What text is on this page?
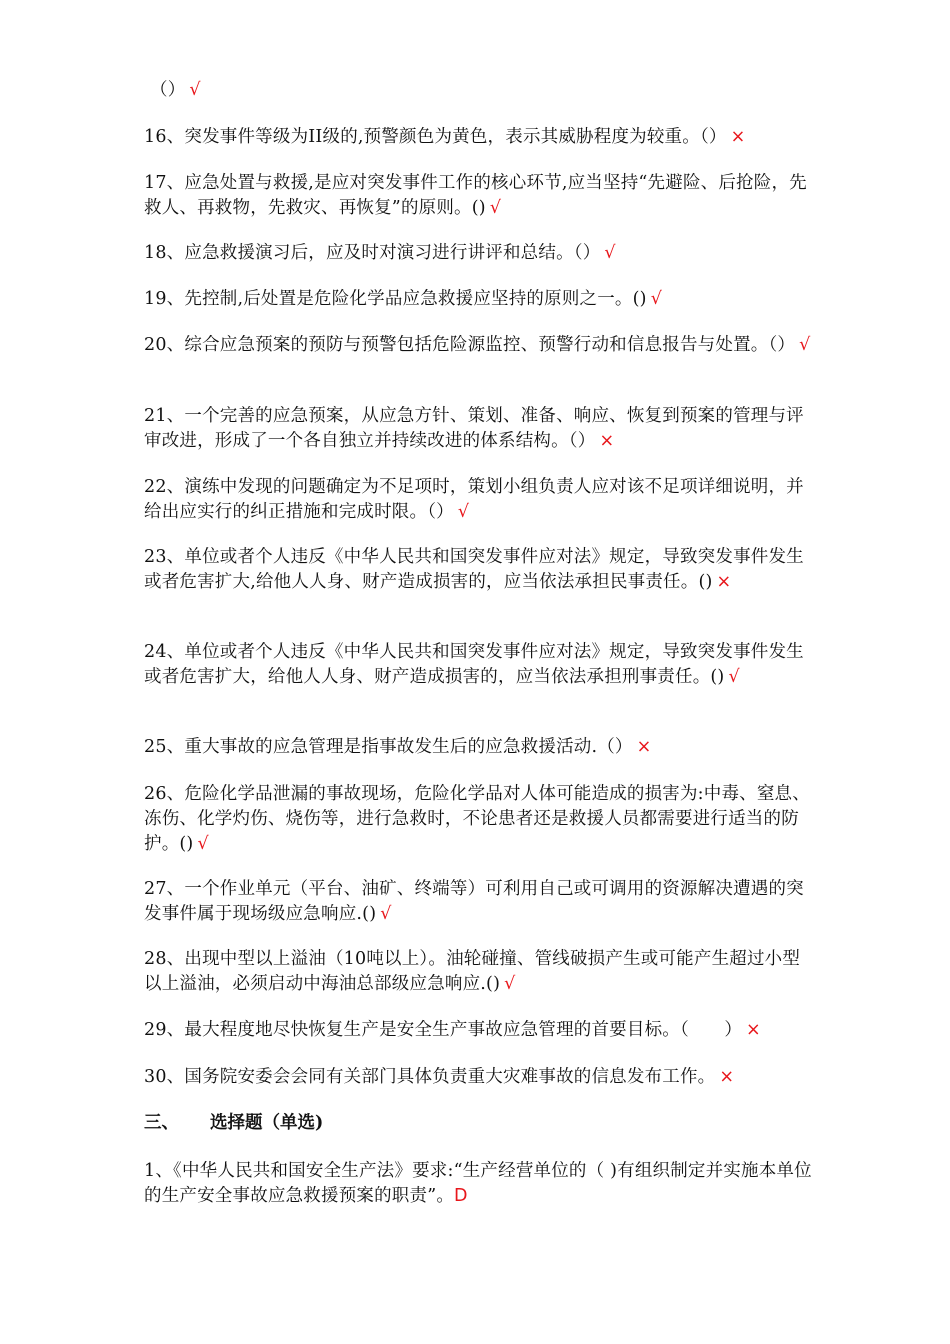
（） √

16、突发事件等级为II级的,预警颜色为黄色，表示其威胁程度为较重。（） ×

17、应急处置与救援,是应对突发事件工作的核心环节,应当坚持“先避险、后抢险，先救人、再救物，先救灾、再恢复”的原则。() √

18、应急救援演习后，应及时对演习进行讲评和总结。（） √

19、先控制,后处置是危险化学品应急救援应坚持的原则之一。() √

20、综合应急预案的预防与预警包括危险源监控、预警行动和信息报告与处置。（） √

21、一个完善的应急预案，从应急方针、策划、准备、响应、恢复到预案的管理与评审改进，形成了一个各自独立并持续改进的体系结构。（） ×

22、演练中发现的问题确定为不足项时，策划小组负责人应对该不足项详细说明，并给出应实行的纠正措施和完成时限。（） √

23、单位或者个人违反《中华人民共和国突发事件应对法》规定，导致突发事件发生或者危害扩大,给他人人身、财产造成损害的，应当依法承担民事责任。() ×

24、单位或者个人违反《中华人民共和国突发事件应对法》规定，导致突发事件发生或者危害扩大，给他人人身、财产造成损害的，应当依法承担刑事责任。() √

25、重大事故的应急管理是指事故发生后的应急救援活动.（） ×

26、危险化学品泄漏的事故现场，危险化学品对人体可能造成的损害为:中毒、窒息、冻伤、化学灼伤、烧伤等，进行急救时，不论患者还是救援人员都需要进行适当的防护。() √

27、一个作业单元（平台、油矿、终端等）可利用自己或可调用的资源解决遭遇的突发事件属于现场级应急响应.() √

28、出现中型以上溢油（10吨以上）。油轮碰撞、管线破损产生或可能产生超过小型以上溢油，必须启动中海油总部级应急响应.() √

29、最大程度地尽快恢复生产是安全生产事故应急管理的首要目标。（　　） ×

30、国务院安委会会同有关部门具体负责重大灾难事故的信息发布工作。 ×

三、 选择题（单选)

1、《中华人民共和国安全生产法》要求:“生产经营单位的（ )有组织制定并实施本单位的生产安全事故应急救援预案的职责”。D
